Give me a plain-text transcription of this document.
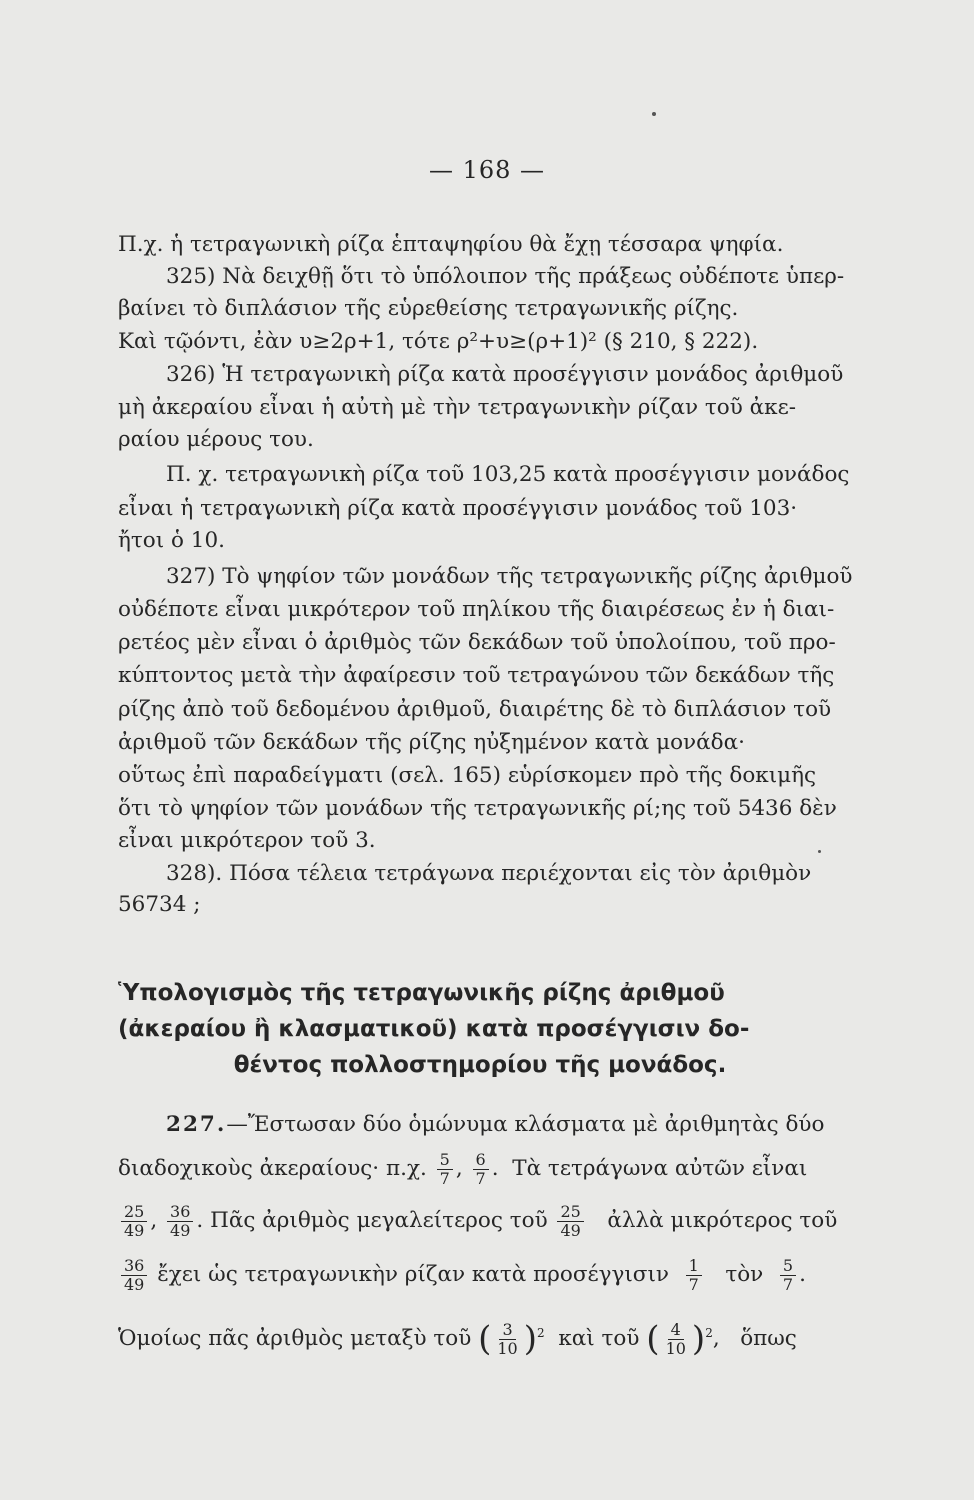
— 168 —
Π.χ. ἡ τετραγωνικὴ ρίζα ἑπταψηφίου θὰ ἔχῃ τέσσαρα ψηφία.
325) Νὰ δειχθῇ ὅτι τὸ ὑπόλοιπον τῆς πράξεως οὐδέποτε ὑπερ-
βαίνει τὸ διπλάσιον τῆς εὑρεθείσης τετραγωνικῆς ρίζης.
Καὶ τῷόντι, ἐὰν υ≥2ρ+1, τότε ρ²+υ≥(ρ+1)² (§ 210, § 222).
326) Ἡ τετραγωνικὴ ρίζα κατὰ προσέγγισιν μονάδος ἀριθμοῦ
μὴ ἀκεραίου εἶναι ἡ αὐτὴ μὲ τὴν τετραγωνικὴν ρίζαν τοῦ ἀκε-
ραίου μέρους του.
Π. χ. τετραγωνικὴ ρίζα τοῦ 103,25 κατὰ προσέγγισιν μονάδος
εἶναι ἡ τετραγωνικὴ ρίζα κατὰ προσέγγισιν μονάδος τοῦ 103·
ἤτοι ὁ 10.
327) Τὸ ψηφίον τῶν μονάδων τῆς τετραγωνικῆς ρίζης ἀριθμοῦ
οὐδέποτε εἶναι μικρότερον τοῦ πηλίκου τῆς διαιρέσεως ἐν ἡ διαι-
ρετέος μὲν εἶναι ὁ ἀριθμὸς τῶν δεκάδων τοῦ ὑπολοίπου, τοῦ προ-
κύπτοντος μετὰ τὴν ἀφαίρεσιν τοῦ τετραγώνου τῶν δεκάδων τῆς
ρίζης ἀπὸ τοῦ δεδομένου ἀριθμοῦ, διαιρέτης δὲ τὸ διπλάσιον τοῦ
ἀριθμοῦ τῶν δεκάδων τῆς ρίζης ηὐξημένον κατὰ μονάδα·
οὕτως ἐπὶ παραδείγματι (σελ. 165) εὑρίσκομεν πρὸ τῆς δοκιμῆς
ὅτι τὸ ψηφίον τῶν μονάδων τῆς τετραγωνικῆς ρί;ης τοῦ 5436 δὲν
εἶναι μικρότερον τοῦ 3.
328). Πόσα τέλεια τετράγωνα περιέχονται εἰς τὸν ἀριθμὸν
56734 ;
Ὑπολογισμὸς τῆς τετραγωνικῆς ρίζης ἀριθμοῦ
(ἀκεραίου ἢ κλασματικοῦ) κατὰ προσέγγισιν δο-
θέντος πολλοστημορίου τῆς μονάδος.
227.—Ἔστωσαν δύο ὁμώνυμα κλάσματα μὲ ἀριθμητὰς δύο
διαδοχικοὺς ἀκεραίους· π.χ. $\frac{5}{7}$ , $\frac{6}{7}$ . Τὰ τετράγωνα αὐτῶν εἶναι
$\frac{25}{49}$ , $\frac{36}{49}$ . Πᾶς ἀριθμὸς μεγαλείτερος τοῦ $\frac{25}{49}$ ἀλλὰ μικρότερος τοῦ
$\frac{36}{49}$ ἔχει ὡς τετραγωνικὴν ρίζαν κατὰ προσέγγισιν $\frac{1}{7}$ τὸν $\frac{5}{7}$ .
Ὁμοίως πᾶς ἀριθμὸς μεταξὺ τοῦ ( $\frac{3}{10} )^2$ καὶ τοῦ ( $\frac{4}{10} )^2$, ὅπως
